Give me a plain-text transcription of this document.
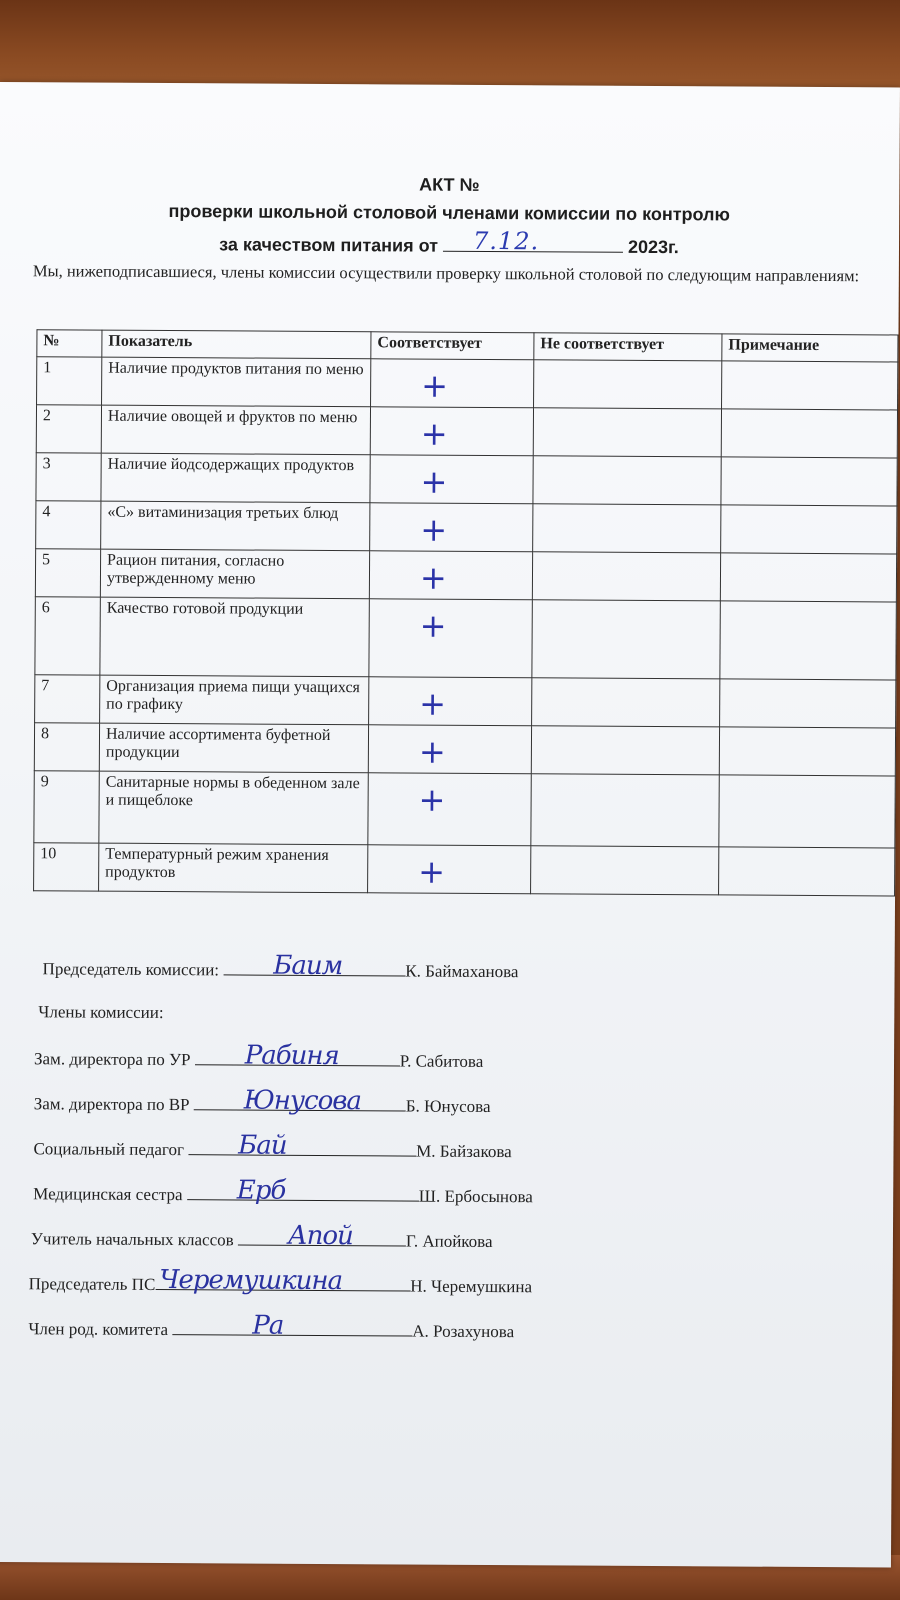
АКТ №
проверки школьной столовой членами комиссии по контролю
за качеством питания от 7.12.	2023г.
Мы, нижеподписавшиеся, члены комиссии осуществили проверку школьной столовой по следующим направлениям:
№	Показатель	Соответствует	Не соответствует	Примечание
1	Наличие продуктов питания по меню	+		

2	Наличие овощей и фруктов по меню	+		

3	Наличие йодсодержащих продуктов	+		

4	«С» витаминизация третьих блюд	+		

5	Рацион питания, согласно утвержденному меню	+		

6	Качество готовой продукции	+		

7	Организация приема пищи учащихся по графику	+		

8	Наличие ассортимента буфетной продукции	+		

9	Санитарные нормы в обеденном зале и пищеблоке	+		

10	Температурный режим хранения продуктов	+		

Председатель комиссии: Баим	К. Баймаханова
Члены комиссии:
Зам. директора по УР Рабиня	Р. Сабитова
Зам. директора по ВР Юнусова	Б. Юнусова
Социальный педагог Бай	М. Байзакова
Медицинская сестра Ерб	Ш. Ербосынова
Учитель начальных классов Апой	Г. Апойкова
Председатель ПС Черемушкина	Н. Черемушкина
Член род. комитета	Ра	А. Розахунова
